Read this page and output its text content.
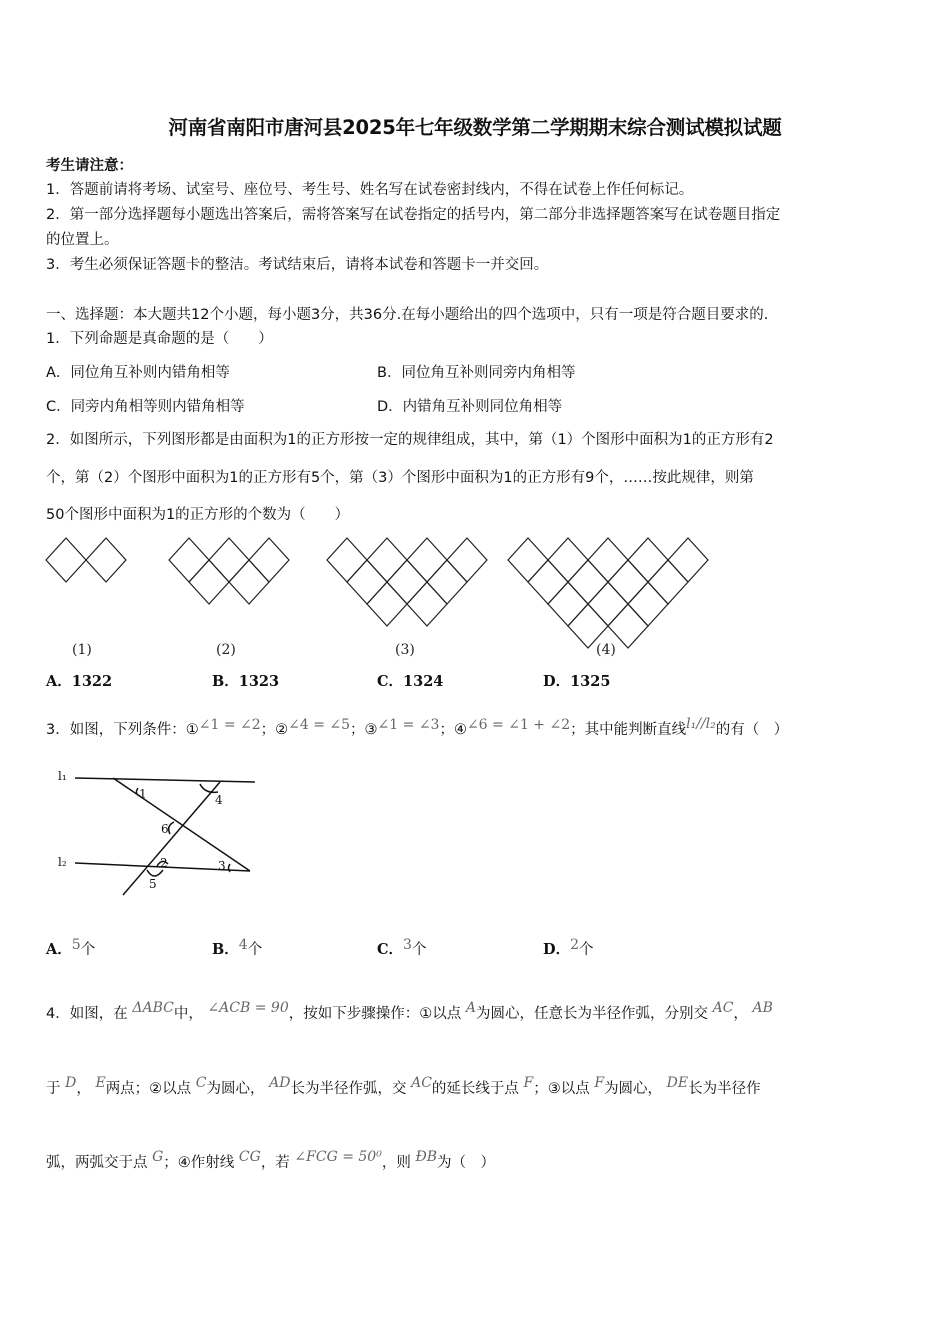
河南省南阳市唐河县2025年七年级数学第二学期期末综合测试模拟试题
考生请注意：
1．答题前请将考场、试室号、座位号、考生号、姓名写在试卷密封线内，不得在试卷上作任何标记。
2．第一部分选择题每小题选出答案后，需将答案写在试卷指定的括号内，第二部分非选择题答案写在试卷题目指定
的位置上。
3．考生必须保证答题卡的整洁。考试结束后，请将本试卷和答题卡一并交回。
一、选择题：本大题共12个小题，每小题3分，共36分.在每小题给出的四个选项中，只有一项是符合题目要求的.
1．下列命题是真命题的是（　　）
A．同位角互补则内错角相等	B．同位角互补则同旁内角相等
C．同旁内角相等则内错角相等	D．内错角互补则同位角相等
2．如图所示，下列图形都是由面积为1的正方形按一定的规律组成，其中，第（1）个图形中面积为1的正方形有2
个，第（2）个图形中面积为1的正方形有5个，第（3）个图形中面积为1的正方形有9个，……按此规律，则第
50个图形中面积为1的正方形的个数为（　　）
(1)	(2)	(3)	(4)
A．1322	B．1323	C．1324	D．1325
3．如图，下列条件：①∠1 = ∠2；②∠4 = ∠5；③∠1 = ∠3；④∠6 = ∠1 + ∠2；其中能判断直线l₁//l₂的有（　）
l₁
l₂
1	4
6
2	3
5
A．5个	B．4个	C．3个	D．2个
4．如图，在 ΔABC中， ∠ACB = 90，按如下步骤操作：①以点 A为圆心，任意长为半径作弧，分别交 AC， AB
于 D， E两点；②以点 C为圆心， AD长为半径作弧，交 AC的延长线于点 F；③以点 F为圆心， DE长为半径作
弧，两弧交于点 G；④作射线 CG，若 ∠FCG = 50⁰，则 ÐB为（　）
